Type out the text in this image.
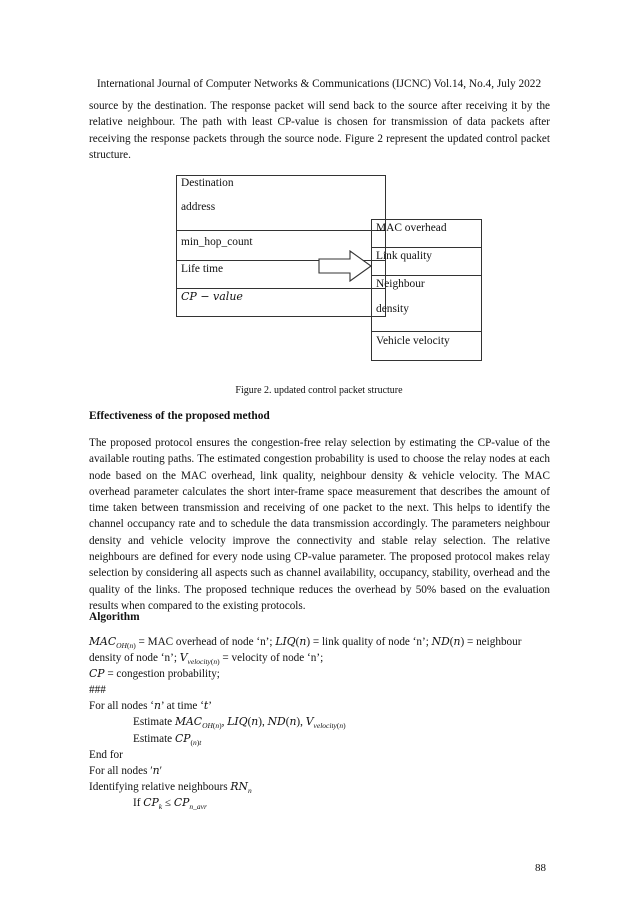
International Journal of Computer Networks & Communications (IJCNC) Vol.14, No.4, July 2022

source by the destination. The response packet will send back to the source after receiving it by the relative neighbour. The path with least CP-value is chosen for transmission of data packets after receiving the response packets through the source node. Figure 2 represent the updated control packet structure.

Destination
address
min_hop_count
Life time
CP − value
MAC overhead
Link quality
Neighbour
density
Vehicle velocity
Figure 2. updated control packet structure
Effectiveness of the proposed method

The proposed protocol ensures the congestion-free relay selection by estimating the CP-value of the available routing paths. The estimated congestion probability is used to choose the relay nodes at each node based on the MAC overhead, link quality, neighbour density & vehicle velocity. The MAC overhead parameter calculates the short inter-frame space measurement that describes the amount of time taken between transmission and receiving of one packet to the next. This helps to identify the channel occupancy rate and to schedule the data transmission accordingly. The parameters neighbour density and vehicle velocity improve the connectivity and stable relay selection. The relative neighbours are defined for every node using CP-value parameter. The proposed protocol makes relay selection by considering all aspects such as channel availability, occupancy, stability, overhead and the quality of the links. The proposed technique reduces the overhead by 50% based on the evaluation results when compared to the existing protocols.

Algorithm
$MAC_{OH(n)}$ = MAC overhead of node ‘n’; LIQ(n) = link quality of node ‘n’; ND(n) = neighbour
density of node ‘n’; $V_{velocity(n)}$ = velocity of node ‘n’;
CP = congestion probability;
###
For all nodes ‘n’ at time ‘t’
Estimate $MAC_{OH(n)}$, LIQ(n), ND(n), $V_{velocity(n)}$
Estimate $CP_{(n)t}$
End for
For all nodes ′n′
Identifying relative neighbours $RN_n$
If $CP_k \le CP_{n\_avr}$
88
